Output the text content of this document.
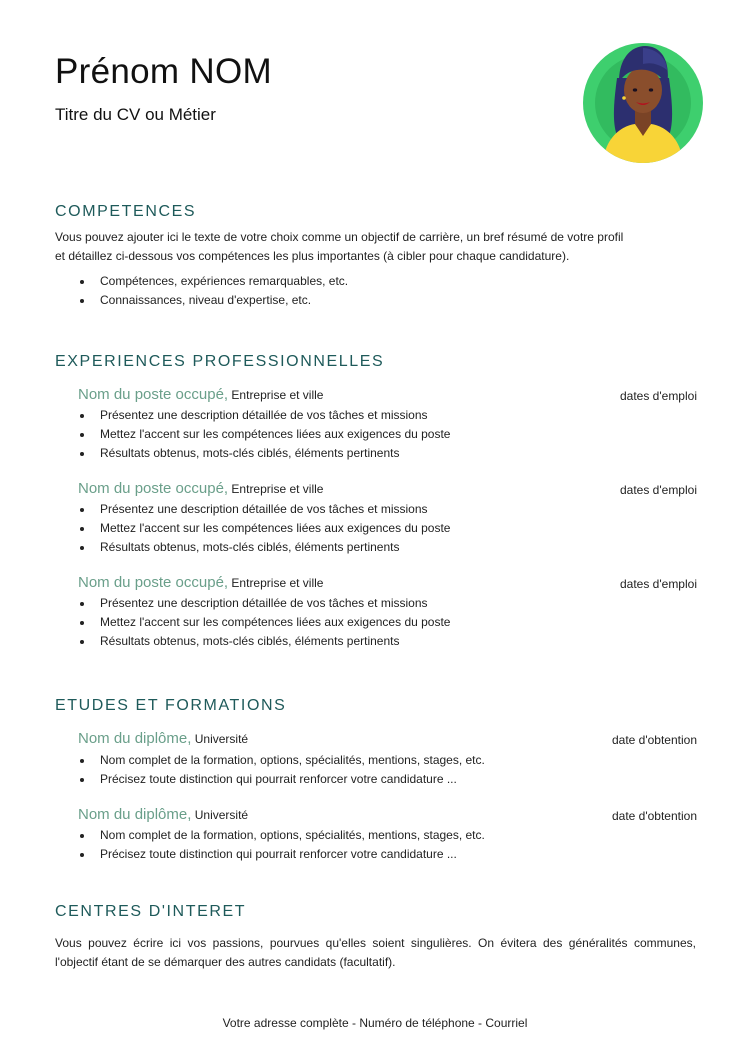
Prénom NOM
Titre du CV ou Métier
COMPETENCES
Vous pouvez ajouter ici le texte de votre choix comme un objectif de carrière, un bref résumé de votre profil
et détaillez ci-dessous vos compétences les plus importantes (à cibler pour chaque candidature).
Compétences, expériences remarquables, etc.
Connaissances, niveau d'expertise, etc.
EXPERIENCES PROFESSIONNELLES
Nom du poste occupé, Entreprise et ville	dates d'emploi
Présentez une description détaillée de vos tâches et missions
Mettez l'accent sur les compétences liées aux exigences du poste
Résultats obtenus, mots-clés ciblés, éléments pertinents
Nom du poste occupé, Entreprise et ville	dates d'emploi
Présentez une description détaillée de vos tâches et missions
Mettez l'accent sur les compétences liées aux exigences du poste
Résultats obtenus, mots-clés ciblés, éléments pertinents
Nom du poste occupé, Entreprise et ville	dates d'emploi
Présentez une description détaillée de vos tâches et missions
Mettez l'accent sur les compétences liées aux exigences du poste
Résultats obtenus, mots-clés ciblés, éléments pertinents
ETUDES ET FORMATIONS
Nom du diplôme, Université	date d'obtention
Nom complet de la formation, options, spécialités, mentions, stages, etc.
Précisez toute distinction qui pourrait renforcer votre candidature ...
Nom du diplôme, Université	date d'obtention
Nom complet de la formation, options, spécialités, mentions, stages, etc.
Précisez toute distinction qui pourrait renforcer votre candidature ...
CENTRES D'INTERET
Vous pouvez écrire ici vos passions, pourvues qu'elles soient singulières. On évitera des généralités communes, l'objectif étant de se démarquer des autres candidats (facultatif).
Votre adresse complète - Numéro de téléphone - Courriel
